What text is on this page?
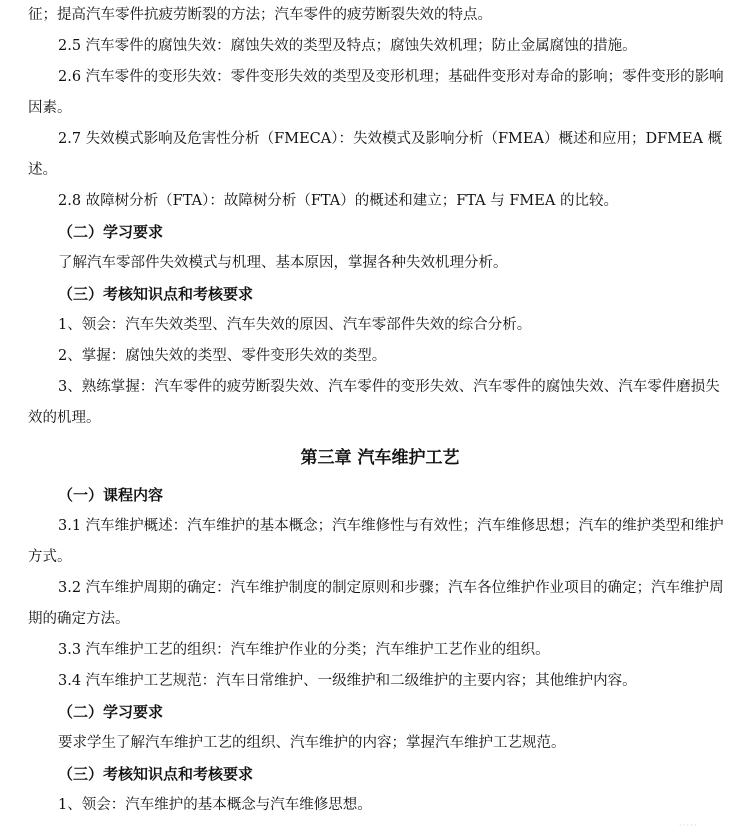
征；提高汽车零件抗疲劳断裂的方法；汽车零件的疲劳断裂失效的特点。

2.5 汽车零件的腐蚀失效：腐蚀失效的类型及特点；腐蚀失效机理；防止金属腐蚀的措施。

2.6 汽车零件的变形失效：零件变形失效的类型及变形机理；基础件变形对寿命的影响；零件变形的影响因素。

2.7 失效模式影响及危害性分析（FMECA）：失效模式及影响分析（FMEA）概述和应用；DFMEA 概述。

2.8 故障树分析（FTA）：故障树分析（FTA）的概述和建立；FTA 与 FMEA 的比较。

（二）学习要求

了解汽车零部件失效模式与机理、基本原因，掌握各种失效机理分析。

（三）考核知识点和考核要求

1、领会：汽车失效类型、汽车失效的原因、汽车零部件失效的综合分析。

2、掌握：腐蚀失效的类型、零件变形失效的类型。

3、熟练掌握：汽车零件的疲劳断裂失效、汽车零件的变形失效、汽车零件的腐蚀失效、汽车零件磨损失效的机理。

第三章 汽车维护工艺

（一）课程内容

3.1 汽车维护概述：汽车维护的基本概念；汽车维修性与有效性；汽车维修思想；汽车的维护类型和维护方式。

3.2 汽车维护周期的确定：汽车维护制度的制定原则和步骤；汽车各位维护作业项目的确定；汽车维护周期的确定方法。

3.3 汽车维护工艺的组织：汽车维护作业的分类；汽车维护工艺作业的组织。

3.4 汽车维护工艺规范：汽车日常维护、一级维护和二级维护的主要内容；其他维护内容。

（二）学习要求

要求学生了解汽车维护工艺的组织、汽车维护的内容；掌握汽车维护工艺规范。

（三）考核知识点和考核要求

1、领会：汽车维护的基本概念与汽车维修思想。

·····
